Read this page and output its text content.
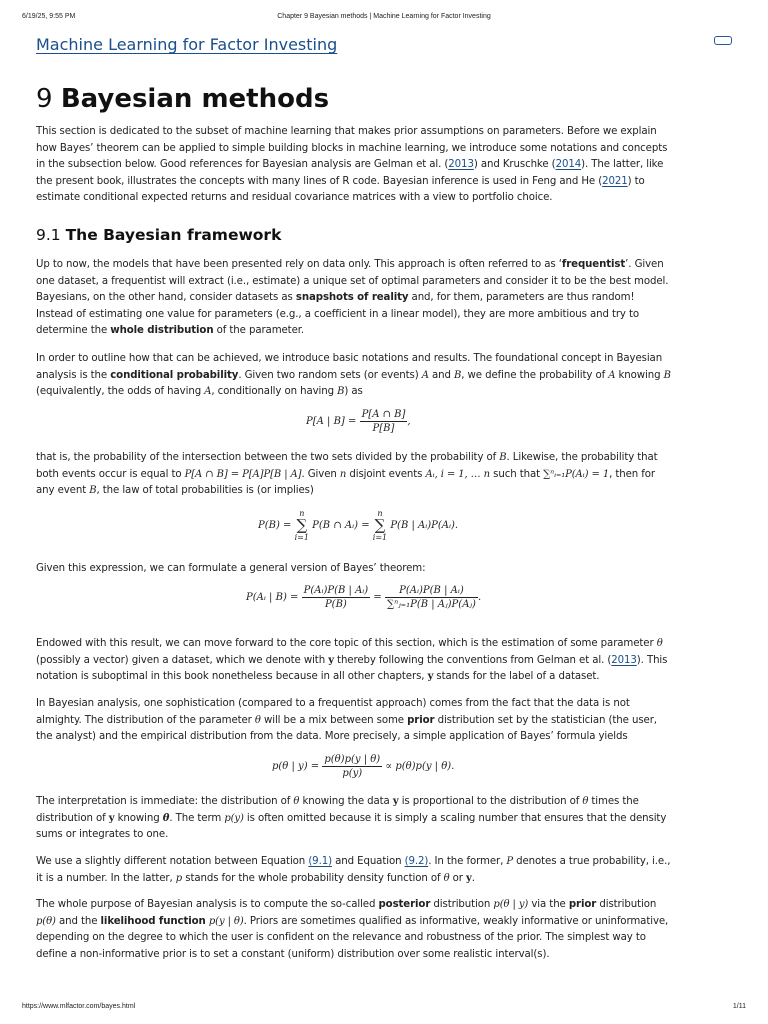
6/19/25, 9:55 PM	Chapter 9 Bayesian methods | Machine Learning for Factor Investing
Machine Learning for Factor Investing
9 Bayesian methods

This section is dedicated to the subset of machine learning that makes prior assumptions on parameters. Before we explain how Bayes’ theorem can be applied to simple building blocks in machine learning, we introduce some notations and concepts in the subsection below. Good references for Bayesian analysis are Gelman et al. (2013) and Kruschke (2014). The latter, like the present book, illustrates the concepts with many lines of R code. Bayesian inference is used in Feng and He (2021) to estimate conditional expected returns and residual covariance matrices with a view to portfolio choice.

Up to now, the models that have been presented rely on data only. This approach is often referred to as ‘frequentist’. Given one dataset, a frequentist will extract (i.e., estimate) a unique set of optimal parameters and consider it to be the best model. Bayesians, on the other hand, consider datasets as snapshots of reality and, for them, parameters are thus random! Instead of estimating one value for parameters (e.g., a coefficient in a linear model), they are more ambitious and try to determine the whole distribution of the parameter.

In order to outline how that can be achieved, we introduce basic notations and results. The foundational concept in Bayesian analysis is the conditional probability. Given two random sets (or events) A and B, we define the probability of A knowing B (equivalently, the odds of having A, conditionally on having B) as

that is, the probability of the intersection between the two sets divided by the probability of B. Likewise, the probability that both events occur is equal to P[A ∩ B] = P[A]P[B | A]. Given n disjoint events Aᵢ, i = 1, … n such that ∑ⁿᵢ₌₁P(Aᵢ) = 1, then for any event B, the law of total probabilities is (or implies)

Given this expression, we can formulate a general version of Bayes’ theorem:

Endowed with this result, we can move forward to the core topic of this section, which is the estimation of some parameter θ (possibly a vector) given a dataset, which we denote with y thereby following the conventions from Gelman et al. (2013). This notation is suboptimal in this book nonetheless because in all other chapters, y stands for the label of a dataset.

In Bayesian analysis, one sophistication (compared to a frequentist approach) comes from the fact that the data is not almighty. The distribution of the parameter θ will be a mix between some prior distribution set by the statistician (the user, the analyst) and the empirical distribution from the data. More precisely, a simple application of Bayes’ formula yields

The interpretation is immediate: the distribution of θ knowing the data y is proportional to the distribution of θ times the distribution of y knowing θ. The term p(y) is often omitted because it is simply a scaling number that ensures that the density sums or integrates to one.

We use a slightly different notation between Equation (9.1) and Equation (9.2). In the former, P denotes a true probability, i.e., it is a number. In the latter, p stands for the whole probability density function of θ or y.

The whole purpose of Bayesian analysis is to compute the so-called posterior distribution p(θ | y) via the prior distribution p(θ) and the likelihood function p(y | θ). Priors are sometimes qualified as informative, weakly informative or uninformative, depending on the degree to which the user is confident on the relevance and robustness of the prior. The simplest way to define a non-informative prior is to set a constant (uniform) distribution over some realistic interval(s).

9.1 The Bayesian framework
P[A | $B] = \frac{P[A \cap B]}{P[B]}$ ,
P(B) = n
∑
i=1 P(B ∩ Aᵢ) = n
∑
i=1 P(B | Aᵢ)P(Aᵢ).
P(Aᵢ | $B) = \frac{\text{P(Aᵢ)P(B | Aᵢ)}}{P(B)} = \frac{\text{P(Aᵢ)P(B | Aᵢ)}}{\text{∑ⁿⱼ₌₁P(B | Aⱼ)P(Aⱼ)}}$ .
p(θ | $y) = \frac{p(\theta)p(y | \theta)}{p(y)} \propto p(\theta)p(y$ | θ).
https://www.mlfactor.com/bayes.html	1/11
